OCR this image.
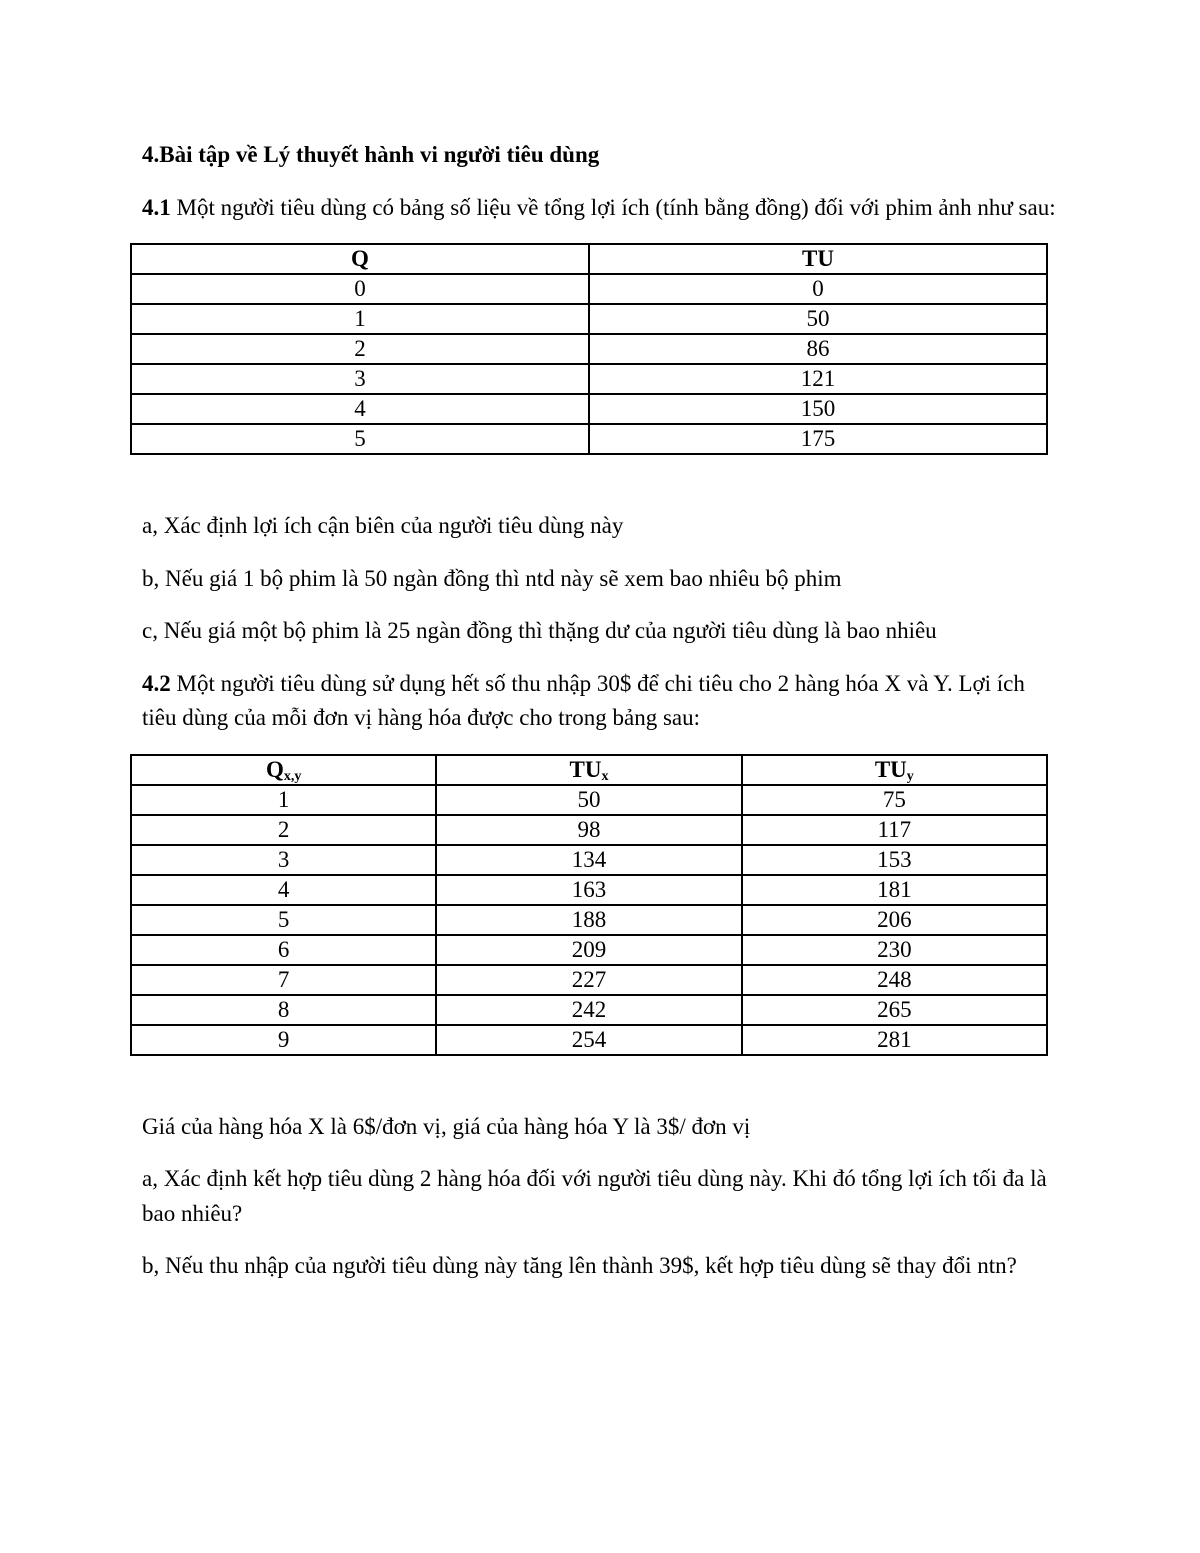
4.Bài tập về Lý thuyết hành vi người tiêu dùng

4.1 Một người tiêu dùng có bảng số liệu về tổng lợi ích (tính bằng đồng) đối với phim ảnh như sau:

Q	TU
0	0
1	50
2	86
3	121
4	150
5	175

a, Xác định lợi ích cận biên của người tiêu dùng này

b, Nếu giá 1 bộ phim là 50 ngàn đồng thì ntd này sẽ xem bao nhiêu bộ phim

c, Nếu giá một bộ phim là 25 ngàn đồng thì thặng dư của người tiêu dùng là bao nhiêu

4.2 Một người tiêu dùng sử dụng hết số thu nhập 30$ để chi tiêu cho 2 hàng hóa X và Y. Lợi ích tiêu dùng của mỗi đơn vị hàng hóa được cho trong bảng sau:

$Q_{x,y}$	$TU_x$	$TU_y$
1	50	75
2	98	117
3	134	153
4	163	181
5	188	206
6	209	230
7	227	248
8	242	265
9	254	281

Giá của hàng hóa X là 6$/đơn vị, giá của hàng hóa Y là 3$/ đơn vị

a, Xác định kết hợp tiêu dùng 2 hàng hóa đối với người tiêu dùng này. Khi đó tổng lợi ích tối đa là bao nhiêu?

b, Nếu thu nhập của người tiêu dùng này tăng lên thành 39$, kết hợp tiêu dùng sẽ thay đổi ntn?
